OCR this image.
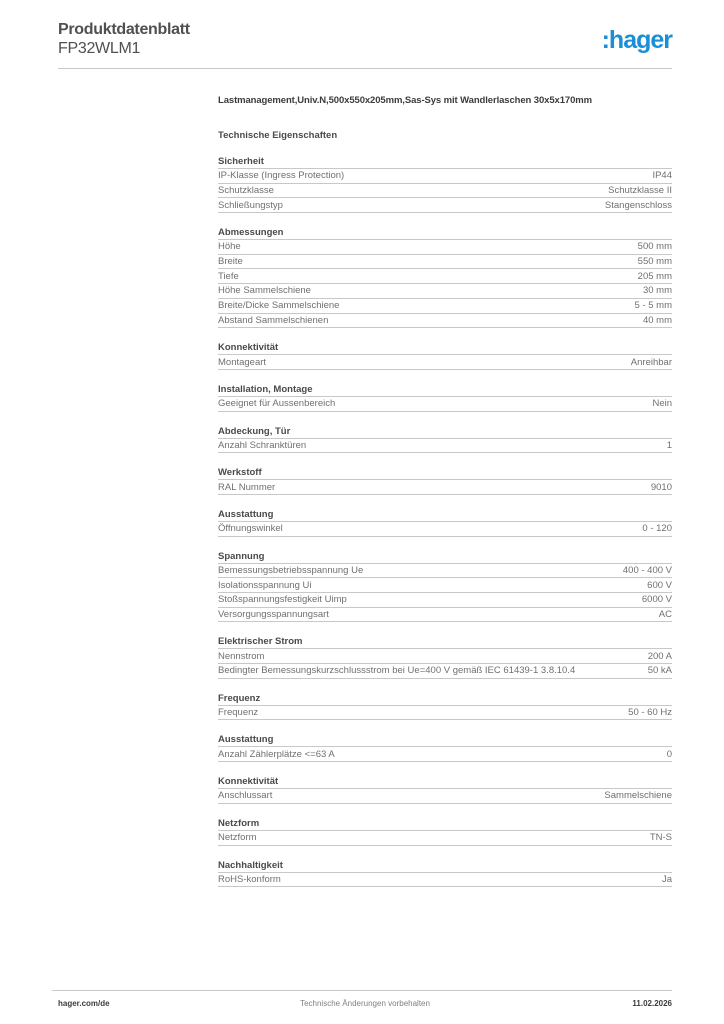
Produktdatenblatt
FP32WLM1	:hager
Lastmanagement,Univ.N,500x550x205mm,Sas-Sys mit Wandlerlaschen 30x5x170mm
Technische Eigenschaften
Sicherheit
IP-Klasse (Ingress Protection)	IP44
Schutzklasse	Schutzklasse II
Schließungstyp	Stangenschloss
Abmessungen
Höhe	500 mm
Breite	550 mm
Tiefe	205 mm
Höhe Sammelschiene	30 mm
Breite/Dicke Sammelschiene	5 - 5 mm
Abstand Sammelschienen	40 mm
Konnektivität
Montageart	Anreihbar
Installation, Montage
Geeignet für Aussenbereich	Nein
Abdeckung, Tür
Anzahl Schranktüren	1
Werkstoff
RAL Nummer	9010
Ausstattung
Öffnungswinkel	0 - 120
Spannung
Bemessungsbetriebsspannung Ue	400 - 400 V
Isolationsspannung Ui	600 V
Stoßspannungsfestigkeit Uimp	6000 V
Versorgungsspannungsart	AC
Elektrischer Strom
Nennstrom	200 A
Bedingter Bemessungskurzschlussstrom bei Ue=400 V gemäß IEC 61439-1 3.8.10.4	50 kA
Frequenz
Frequenz	50 - 60 Hz
Ausstattung
Anzahl Zählerplätze <=63 A	0
Konnektivität
Anschlussart	Sammelschiene
Netzform
Netzform	TN-S
Nachhaltigkeit
RoHS-konform	Ja
hager.com/de	Technische Änderungen vorbehalten	11.02.2026
